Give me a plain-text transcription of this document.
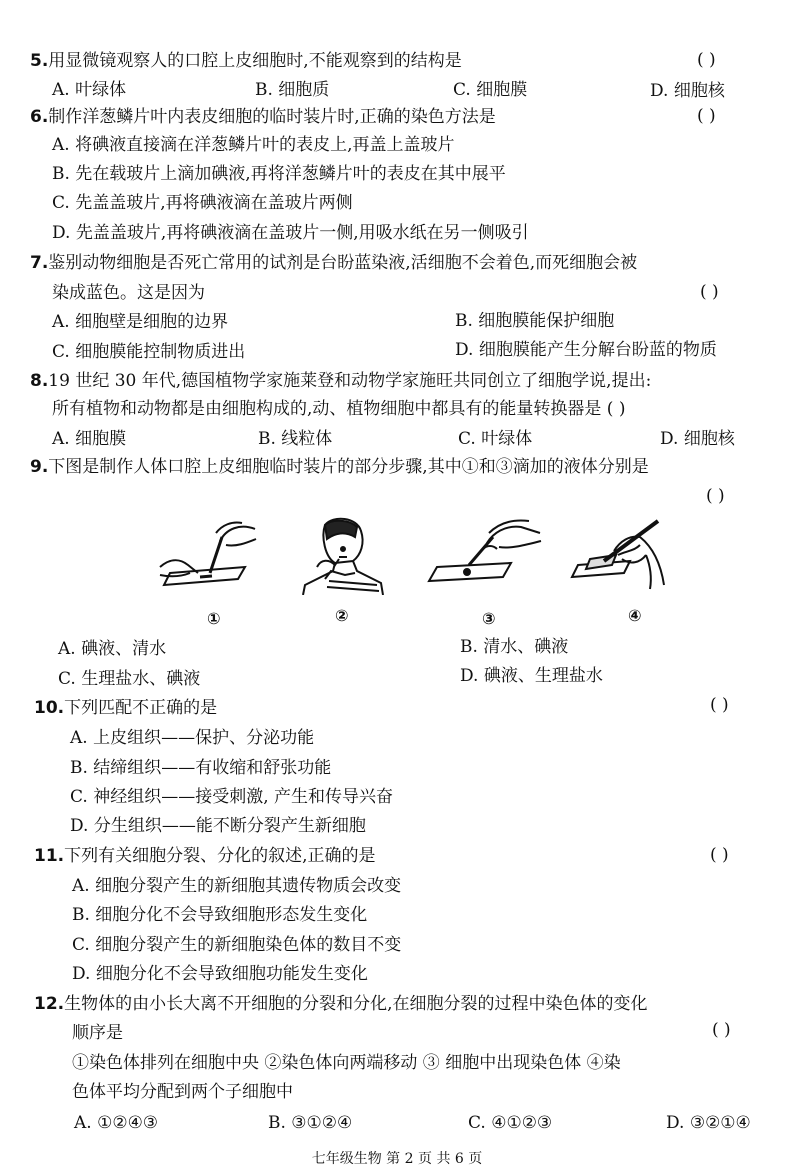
5.用显微镜观察人的口腔上皮细胞时,不能观察到的结构是	( )
A. 叶绿体	B. 细胞质	C. 细胞膜	D. 细胞核
6.制作洋葱鳞片叶内表皮细胞的临时装片时,正确的染色方法是	( )
A. 将碘液直接滴在洋葱鳞片叶的表皮上,再盖上盖玻片
B. 先在载玻片上滴加碘液,再将洋葱鳞片叶的表皮在其中展平
C. 先盖盖玻片,再将碘液滴在盖玻片两侧
D. 先盖盖玻片,再将碘液滴在盖玻片一侧,用吸水纸在另一侧吸引
7.鉴别动物细胞是否死亡常用的试剂是台盼蓝染液,活细胞不会着色,而死细胞会被
染成蓝色。这是因为	( )
A. 细胞壁是细胞的边界	B. 细胞膜能保护细胞
C. 细胞膜能控制物质进出	D. 细胞膜能产生分解台盼蓝的物质
8.19 世纪 30 年代,德国植物学家施莱登和动物学家施旺共同创立了细胞学说,提出:
所有植物和动物都是由细胞构成的,动、植物细胞中都具有的能量转换器是 ( )
A. 细胞膜	B. 线粒体	C. 叶绿体	D. 细胞核
9.下图是制作人体口腔上皮细胞临时装片的部分步骤,其中①和③滴加的液体分别是
( )
①	②	③	④
A. 碘液、清水	B. 清水、碘液
C. 生理盐水、碘液	D. 碘液、生理盐水
10.下列匹配不正确的是	( )
A. 上皮组织——保护、分泌功能
B. 结缔组织——有收缩和舒张功能
C. 神经组织——接受刺激, 产生和传导兴奋
D. 分生组织——能不断分裂产生新细胞
11.下列有关细胞分裂、分化的叙述,正确的是	( )
A. 细胞分裂产生的新细胞其遗传物质会改变
B. 细胞分化不会导致细胞形态发生变化
C. 细胞分裂产生的新细胞染色体的数目不变
D. 细胞分化不会导致细胞功能发生变化
12.生物体的由小长大离不开细胞的分裂和分化,在细胞分裂的过程中染色体的变化
顺序是	( )
①染色体排列在细胞中央 ②染色体向两端移动 ③ 细胞中出现染色体 ④染
色体平均分配到两个子细胞中
A. ①②④③	B. ③①②④	C. ④①②③	D. ③②①④
七年级生物 第 2 页 共 6 页
